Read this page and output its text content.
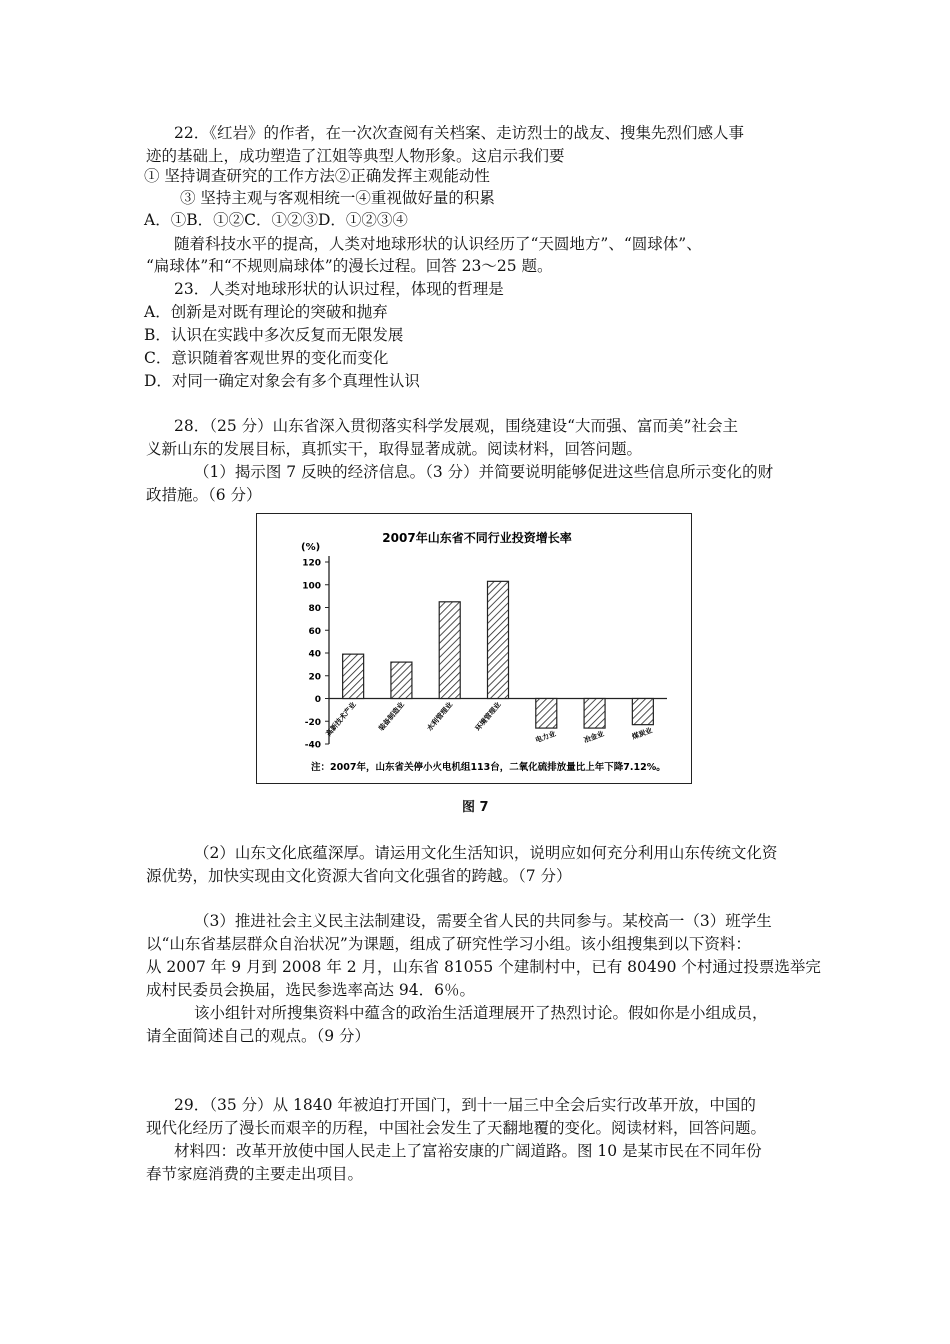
22．《红岩》的作者，在一次次查阅有关档案、走访烈士的战友、搜集先烈们感人事
迹的基础上，成功塑造了江姐等典型人物形象。这启示我们要
① 坚持调查研究的工作方法②正确发挥主观能动性
③ 坚持主观与客观相统一④重视做好量的积累
A．①B．①②C．①②③D．①②③④
随着科技水平的提高，人类对地球形状的认识经历了“天圆地方”、“圆球体”、
“扁球体”和“不规则扁球体”的漫长过程。回答 23～25 题。
23．人类对地球形状的认识过程，体现的哲理是
A．创新是对既有理论的突破和抛弃
B．认识在实践中多次反复而无限发展
C．意识随着客观世界的变化而变化
D．对同一确定对象会有多个真理性认识
28．（25 分）山东省深入贯彻落实科学发展观，围绕建设“大而强、富而美”社会主
义新山东的发展目标，真抓实干，取得显著成就。阅读材料，回答问题。
（1）揭示图 7 反映的经济信息。（3 分）并简要说明能够促进这些信息所示变化的财
政措施。（6 分）
2007年山东省不同行业投资增长率
(%)
120
100
80
60
40
20
0
-20
-40
高新技术产业	装备制造业	水利管理业	环境管理业
电力业	冶金业	煤炭业
注：2007年，山东省关停小火电机组113台，二氧化硫排放量比上年下降7.12%。
图 7
（2）山东文化底蕴深厚。请运用文化生活知识，说明应如何充分利用山东传统文化资
源优势，加快实现由文化资源大省向文化强省的跨越。（7 分）
（3）推进社会主义民主法制建设，需要全省人民的共同参与。某校高一（3）班学生
以“山东省基层群众自治状况”为课题，组成了研究性学习小组。该小组搜集到以下资料：
从 2007 年 9 月到 2008 年 2 月，山东省 81055 个建制村中，已有 80490 个村通过投票选举完
成村民委员会换届，选民参选率高达 94．6％。
该小组针对所搜集资料中蕴含的政治生活道理展开了热烈讨论。假如你是小组成员，
请全面简述自己的观点。（9 分）
29．（35 分）从 1840 年被迫打开国门，到十一届三中全会后实行改革开放，中国的
现代化经历了漫长而艰辛的历程，中国社会发生了天翻地覆的变化。阅读材料，回答问题。
材料四：改革开放使中国人民走上了富裕安康的广阔道路。图 10 是某市民在不同年份
春节家庭消费的主要走出项目。
